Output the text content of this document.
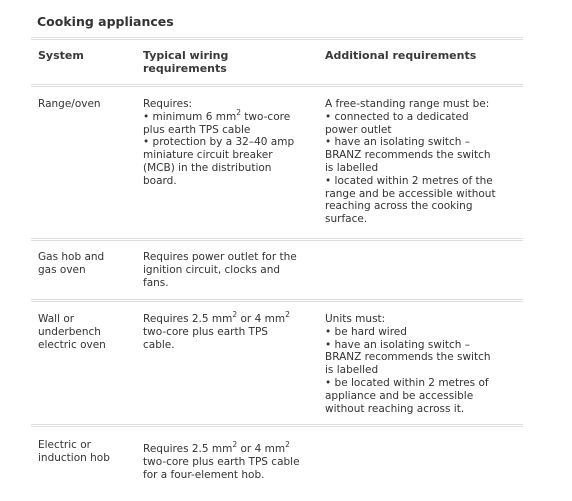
Cooking appliances
System	Typical wiring
requirements
Additional requirements
Range/oven	Requires:
• minimum 6 $mm^2$ two-core
plus earth TPS cable
• protection by a 32–40 amp
miniature circuit breaker
(MCB) in the distribution
board.
A free-standing range must be:
• connected to a dedicated
power outlet
• have an isolating switch –
BRANZ recommends the switch
is labelled
• located within 2 metres of the
range and be accessible without
reaching across the cooking
surface.
Gas hob and
gas oven
Requires power outlet for the
ignition circuit, clocks and
fans.
Wall or
underbench
electric oven
Requires 2.5 $mm^2$ or 4 $mm^2$
two-core plus earth TPS
cable.
Units must:
• be hard wired
• have an isolating switch –
BRANZ recommends the switch
is labelled
• be located within 2 metres of
appliance and be accessible
without reaching across it.
Electric or
induction hob
Requires 2.5 $mm^2$ or 4 $mm^2$
two-core plus earth TPS cable
for a four-element hob.
